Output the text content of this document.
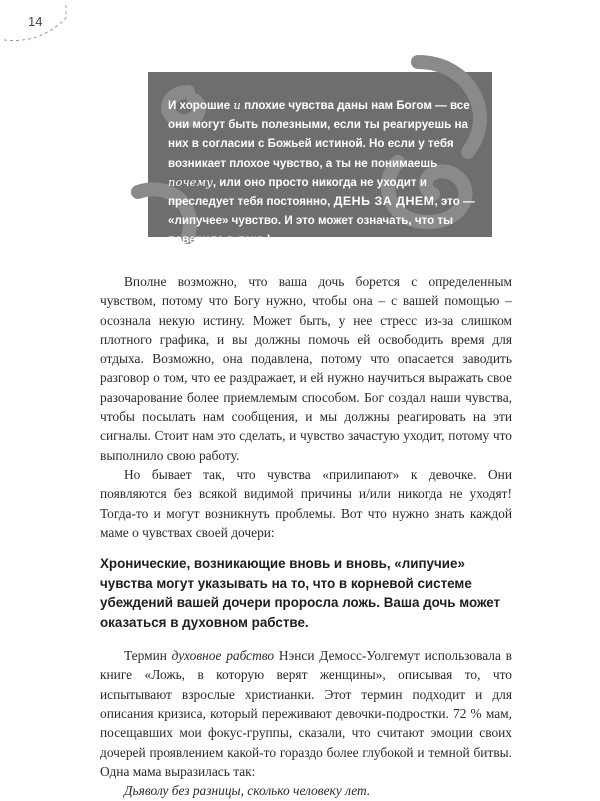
14
И хорошие и плохие чувства даны нам Богом — все они могут быть полезными, если ты реагируешь на них в согласии с Божьей истиной. Но если у тебя возникает плохое чувство, а ты не понимаешь почему, или оно просто никогда не уходит и преследует тебя постоянно, ДЕНЬ ЗА ДНЕМ, это — «липучее» чувство. И это может означать, что ты поверила в ложь!

Вполне возможно, что ваша дочь борется с определенным чувством, потому что Богу нужно, чтобы она – с вашей помощью – осознала некую истину. Может быть, у нее стресс из-за слишком плотного графика, и вы должны помочь ей освободить время для отдыха. Возможно, она подавлена, потому что опасается заводить разговор о том, что ее раздражает, и ей нужно научиться выражать свое разочарование более приемлемым способом. Бог создал наши чувства, чтобы посылать нам сообщения, и мы должны реагировать на эти сигналы. Стоит нам это сделать, и чувство зачастую уходит, потому что выполнило свою работу.

Но бывает так, что чувства «прилипают» к девочке. Они появляются без всякой видимой причины и/или никогда не уходят! Тогда-то и могут возникнуть проблемы. Вот что нужно знать каждой маме о чувствах своей дочери:

Хронические, возникающие вновь и вновь, «липучие» чувства могут указывать на то, что в корневой системе убеждений вашей дочери проросла ложь. Ваша дочь может оказаться в духовном рабстве.

Термин духовное рабство Нэнси Демосс-Уолгемут использовала в книге «Ложь, в которую верят женщины», описывая то, что испытывают взрослые христианки. Этот термин подходит и для описания кризиса, который переживают девочки-подростки. 72 % мам, посещавших мои фокус-группы, сказали, что считают эмоции своих дочерей проявлением какой-то гораздо более глубокой и темной битвы. Одна мама выразилась так:

Дьяволу без разницы, сколько человеку лет.
